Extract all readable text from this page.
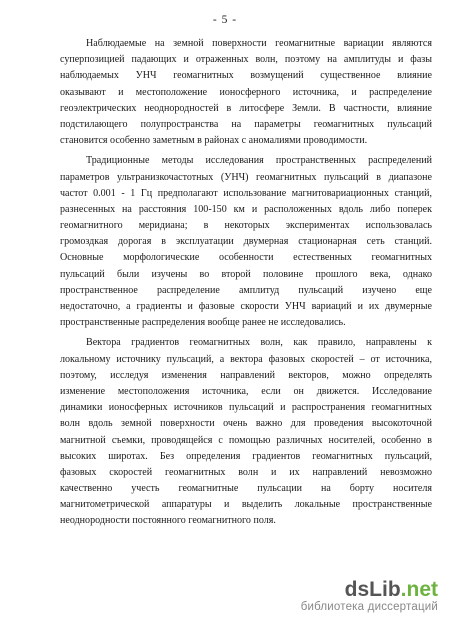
- 5 -
Наблюдаемые на земной поверхности геомагнитные вариации являются
суперпозицией падающих и отраженных волн, поэтому на амплитуды и фазы
наблюдаемых УНЧ геомагнитных возмущений существенное влияние
оказывают и местоположение ионосферного источника, и распределение
геоэлектрических неоднородностей в литосфере Земли. В частности, влияние
подстилающего полупространства на параметры геомагнитных пульсаций
становится особенно заметным в районах с аномалиями проводимости.
Традиционные методы исследования пространственных распределений
параметров ультранизкочастотных (УНЧ) геомагнитных пульсаций в диапазоне
частот 0.001 - 1 Гц предполагают использование магнитовариационных станций,
разнесенных на расстояния 100-150 км и расположенных вдоль либо поперек
геомагнитного меридиана; в некоторых экспериментах использовалась
громоздкая дорогая в эксплуатации двумерная стационарная сеть станций.
Основные морфологические особенности естественных геомагнитных
пульсаций были изучены во второй половине прошлого века, однако
пространственное распределение амплитуд пульсаций изучено еще
недостаточно, а градиенты и фазовые скорости УНЧ вариаций и их двумерные
пространственные распределения вообще ранее не исследовались.
Вектора градиентов геомагнитных волн, как правило, направлены к
локальному источнику пульсаций, а вектора фазовых скоростей – от источника,
поэтому, исследуя изменения направлений векторов, можно определять
изменение местоположения источника, если он движется. Исследование
динамики ионосферных источников пульсаций и распространения геомагнитных
волн вдоль земной поверхности очень важно для проведения высокоточной
магнитной съемки, проводящейся с помощью различных носителей, особенно в
высоких широтах. Без определения градиентов геомагнитных пульсаций,
фазовых скоростей геомагнитных волн и их направлений невозможно
качественно учесть геомагнитные пульсации на борту носителя
магнитометрической аппаратуры и выделить локальные пространственные
неоднородности постоянного геомагнитного поля.
dsLib.net
библиотека диссертаций
